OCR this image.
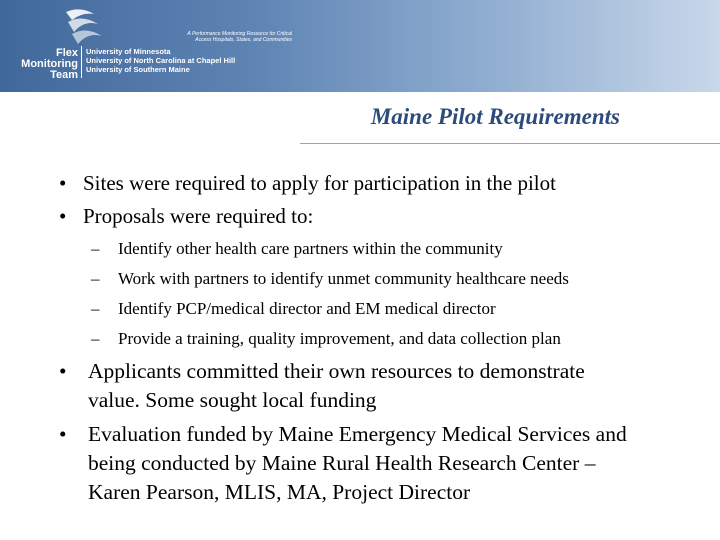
A Performance Monitoring Resource for Critical Access Hospitals, States, and Communities
Flex
Monitoring
Team
University of Minnesota
University of North Carolina at Chapel Hill
University of Southern Maine
Maine Pilot Requirements
• Sites were required to apply for participation in the pilot
• Proposals were required to:
– Identify other health care partners within the community
– Work with partners to identify unmet community healthcare needs
– Identify PCP/medical director and EM medical director
– Provide a training, quality improvement, and data collection plan
• Applicants committed their own resources to demonstrate
value. Some sought local funding
• Evaluation funded by Maine Emergency Medical Services and
being conducted by Maine Rural Health Research Center –
Karen Pearson, MLIS, MA, Project Director
